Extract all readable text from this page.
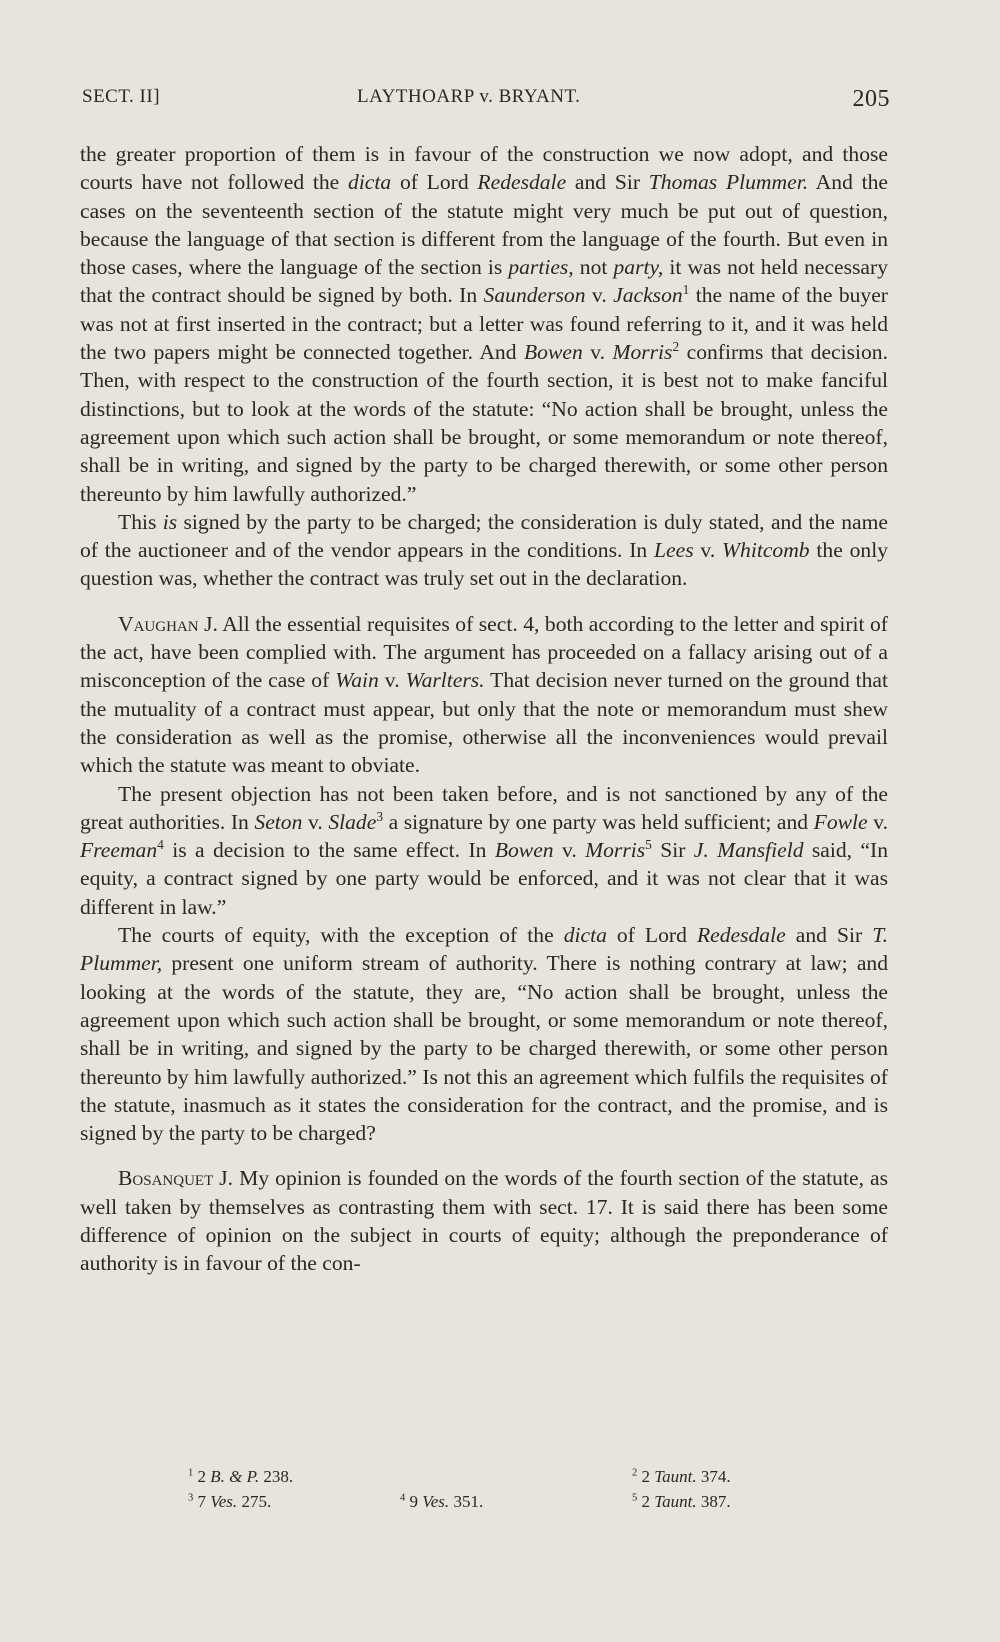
SECT. II]	LAYTHOARP v. BRYANT.	205

the greater proportion of them is in favour of the construction we now adopt, and those courts have not followed the dicta of Lord Redesdale and Sir Thomas Plummer. And the cases on the seventeenth section of the statute might very much be put out of question, because the language of that section is different from the language of the fourth. But even in those cases, where the language of the section is parties, not party, it was not held necessary that the contract should be signed by both. In Saunderson v. Jackson$^1$ the name of the buyer was not at first inserted in the contract; but a letter was found referring to it, and it was held the two papers might be connected together. And Bowen v. Morris$^2$ confirms that decision. Then, with respect to the construction of the fourth section, it is best not to make fanciful distinctions, but to look at the words of the statute: “No action shall be brought, unless the agreement upon which such action shall be brought, or some memorandum or note thereof, shall be in writing, and signed by the party to be charged therewith, or some other person thereunto by him lawfully authorized.”

This is signed by the party to be charged; the consideration is duly stated, and the name of the auctioneer and of the vendor appears in the conditions. In Lees v. Whitcomb the only question was, whether the contract was truly set out in the declaration.

Vaughan J. All the essential requisites of sect. 4, both according to the letter and spirit of the act, have been complied with. The argument has proceeded on a fallacy arising out of a misconception of the case of Wain v. Warlters. That decision never turned on the ground that the mutuality of a contract must appear, but only that the note or memorandum must shew the consideration as well as the promise, otherwise all the inconveniences would prevail which the statute was meant to obviate.

The present objection has not been taken before, and is not sanctioned by any of the great authorities. In Seton v. Slade$^3$ a signature by one party was held sufficient; and Fowle v. Freeman$^4$ is a decision to the same effect. In Bowen v. Morris$^5$ Sir J. Mansfield said, “In equity, a contract signed by one party would be enforced, and it was not clear that it was different in law.”

The courts of equity, with the exception of the dicta of Lord Redesdale and Sir T. Plummer, present one uniform stream of authority. There is nothing contrary at law; and looking at the words of the statute, they are, “No action shall be brought, unless the agreement upon which such action shall be brought, or some memorandum or note thereof, shall be in writing, and signed by the party to be charged therewith, or some other person thereunto by him lawfully authorized.” Is not this an agreement which fulfils the requisites of the statute, inasmuch as it states the consideration for the contract, and the promise, and is signed by the party to be charged?

Bosanquet J. My opinion is founded on the words of the fourth section of the statute, as well taken by themselves as contrasting them with sect. 17. It is said there has been some difference of opinion on the subject in courts of equity; although the preponderance of authority is in favour of the con-

$^1$ 2 B. & P. 238.	$^2$ 2 Taunt. 374.
$^3$ 7 Ves. 275.	$^4$ 9 Ves. 351.	$^5$ 2 Taunt. 387.
